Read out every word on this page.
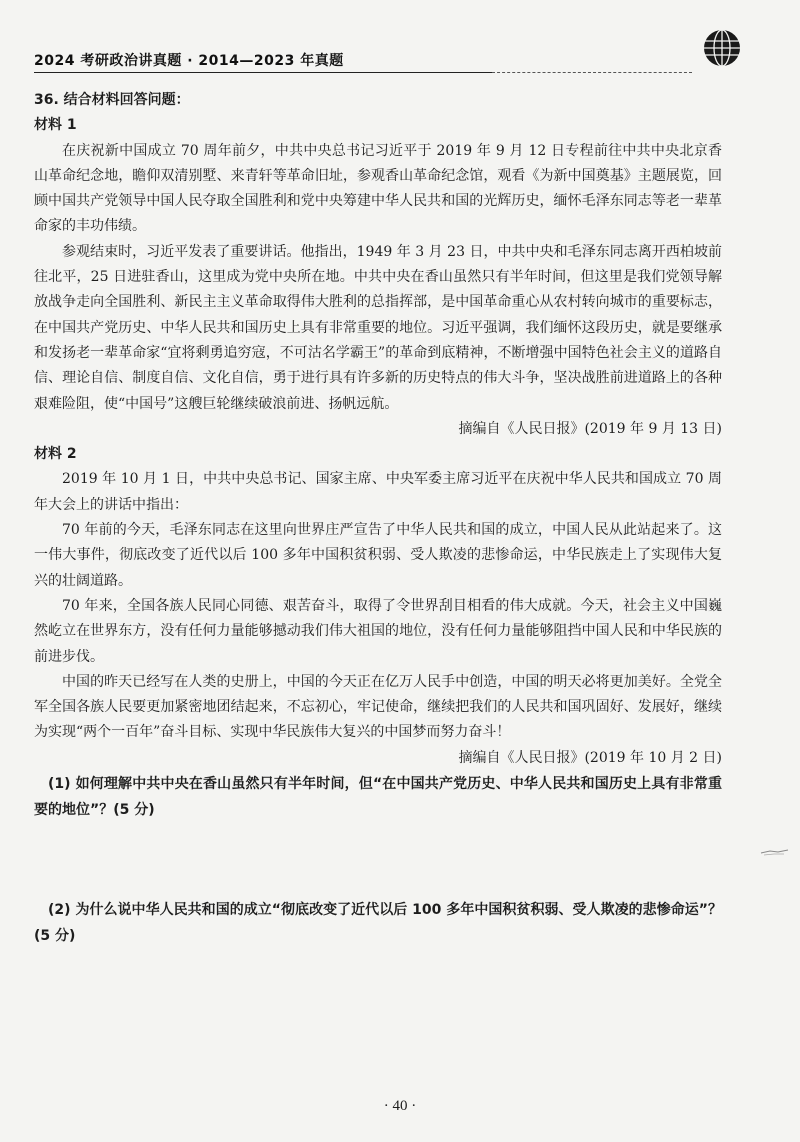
2024 考研政治讲真题 · 2014—2023 年真题

36. 结合材料回答问题：

材料 1

在庆祝新中国成立 70 周年前夕，中共中央总书记习近平于 2019 年 9 月 12 日专程前往中共中央北京香山革命纪念地，瞻仰双清别墅、来青轩等革命旧址，参观香山革命纪念馆，观看《为新中国奠基》主题展览，回顾中国共产党领导中国人民夺取全国胜利和党中央筹建中华人民共和国的光辉历史，缅怀毛泽东同志等老一辈革命家的丰功伟绩。

参观结束时，习近平发表了重要讲话。他指出，1949 年 3 月 23 日，中共中央和毛泽东同志离开西柏坡前往北平，25 日进驻香山，这里成为党中央所在地。中共中央在香山虽然只有半年时间，但这里是我们党领导解放战争走向全国胜利、新民主主义革命取得伟大胜利的总指挥部，是中国革命重心从农村转向城市的重要标志，在中国共产党历史、中华人民共和国历史上具有非常重要的地位。习近平强调，我们缅怀这段历史，就是要继承和发扬老一辈革命家“宜将剩勇追穷寇，不可沽名学霸王”的革命到底精神，不断增强中国特色社会主义的道路自信、理论自信、制度自信、文化自信，勇于进行具有许多新的历史特点的伟大斗争，坚决战胜前进道路上的各种艰难险阻，使“中国号”这艘巨轮继续破浪前进、扬帆远航。

摘编自《人民日报》(2019 年 9 月 13 日)

材料 2

2019 年 10 月 1 日，中共中央总书记、国家主席、中央军委主席习近平在庆祝中华人民共和国成立 70 周年大会上的讲话中指出：

70 年前的今天，毛泽东同志在这里向世界庄严宣告了中华人民共和国的成立，中国人民从此站起来了。这一伟大事件，彻底改变了近代以后 100 多年中国积贫积弱、受人欺凌的悲惨命运，中华民族走上了实现伟大复兴的壮阔道路。

70 年来，全国各族人民同心同德、艰苦奋斗，取得了令世界刮目相看的伟大成就。今天，社会主义中国巍然屹立在世界东方，没有任何力量能够撼动我们伟大祖国的地位，没有任何力量能够阻挡中国人民和中华民族的前进步伐。

中国的昨天已经写在人类的史册上，中国的今天正在亿万人民手中创造，中国的明天必将更加美好。全党全军全国各族人民要更加紧密地团结起来，不忘初心，牢记使命，继续把我们的人民共和国巩固好、发展好，继续为实现“两个一百年”奋斗目标、实现中华民族伟大复兴的中国梦而努力奋斗！

摘编自《人民日报》(2019 年 10 月 2 日)

(1) 如何理解中共中央在香山虽然只有半年时间，但“在中国共产党历史、中华人民共和国历史上具有非常重要的地位”？(5 分)

(2) 为什么说中华人民共和国的成立“彻底改变了近代以后 100 多年中国积贫积弱、受人欺凌的悲惨命运”？(5 分)

· 40 ·
